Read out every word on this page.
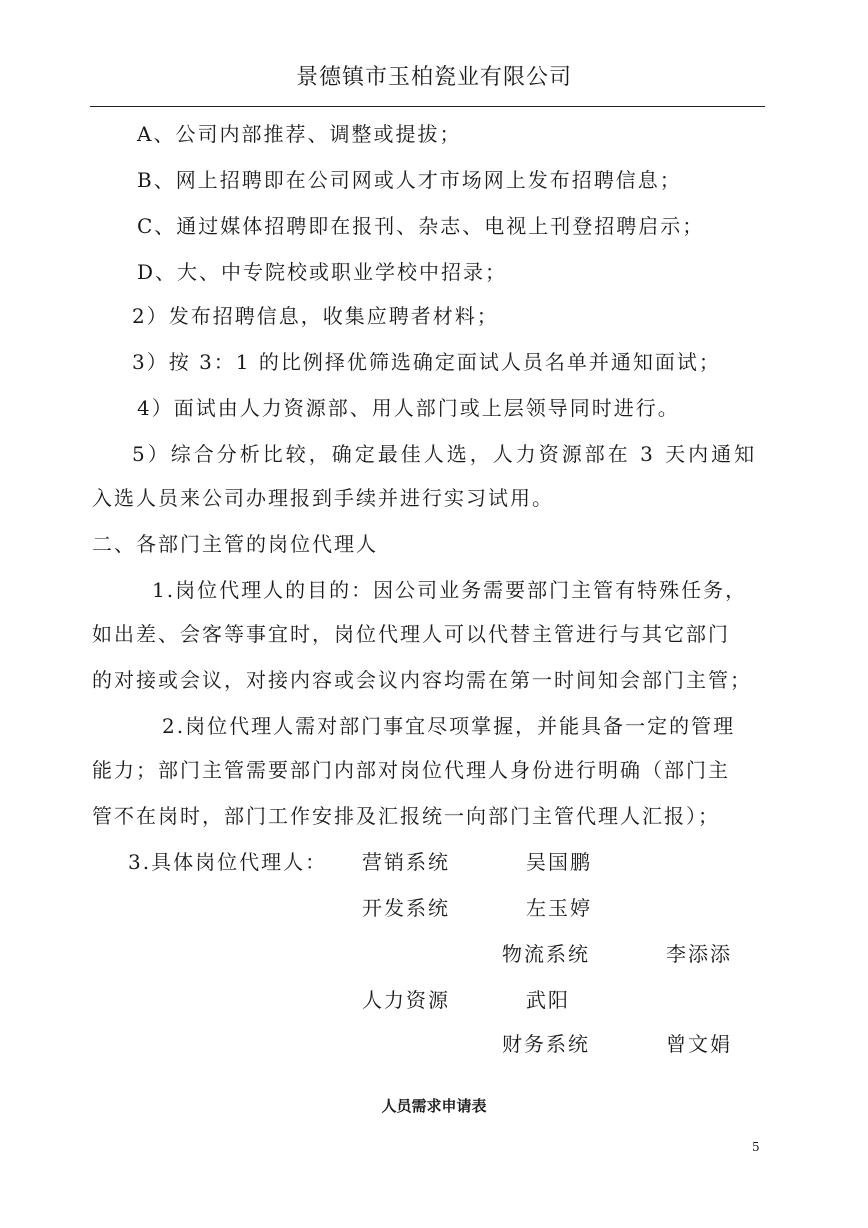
景德镇市玉柏瓷业有限公司
A、公司内部推荐、调整或提拔；
B、网上招聘即在公司网或人才市场网上发布招聘信息；
C、通过媒体招聘即在报刊、杂志、电视上刊登招聘启示；
D、大、中专院校或职业学校中招录；
2）发布招聘信息，收集应聘者材料；
3）按 3：1 的比例择优筛选确定面试人员名单并通知面试；
4）面试由人力资源部、用人部门或上层领导同时进行。
5）综合分析比较，确定最佳人选，人力资源部在 3 天内通知
入选人员来公司办理报到手续并进行实习试用。
二、各部门主管的岗位代理人
1.岗位代理人的目的：因公司业务需要部门主管有特殊任务，
如出差、会客等事宜时，岗位代理人可以代替主管进行与其它部门
的对接或会议，对接内容或会议内容均需在第一时间知会部门主管；
2.岗位代理人需对部门事宜尽项掌握，并能具备一定的管理
能力；部门主管需要部门内部对岗位代理人身份进行明确（部门主
管不在岗时，部门工作安排及汇报统一向部门主管代理人汇报）；
3.具体岗位代理人： 营销系统	吴国鹏
开发系统	左玉婷
物流系统	李添添
人力资源	武阳
财务系统	曾文娟
人员需求申请表
5
